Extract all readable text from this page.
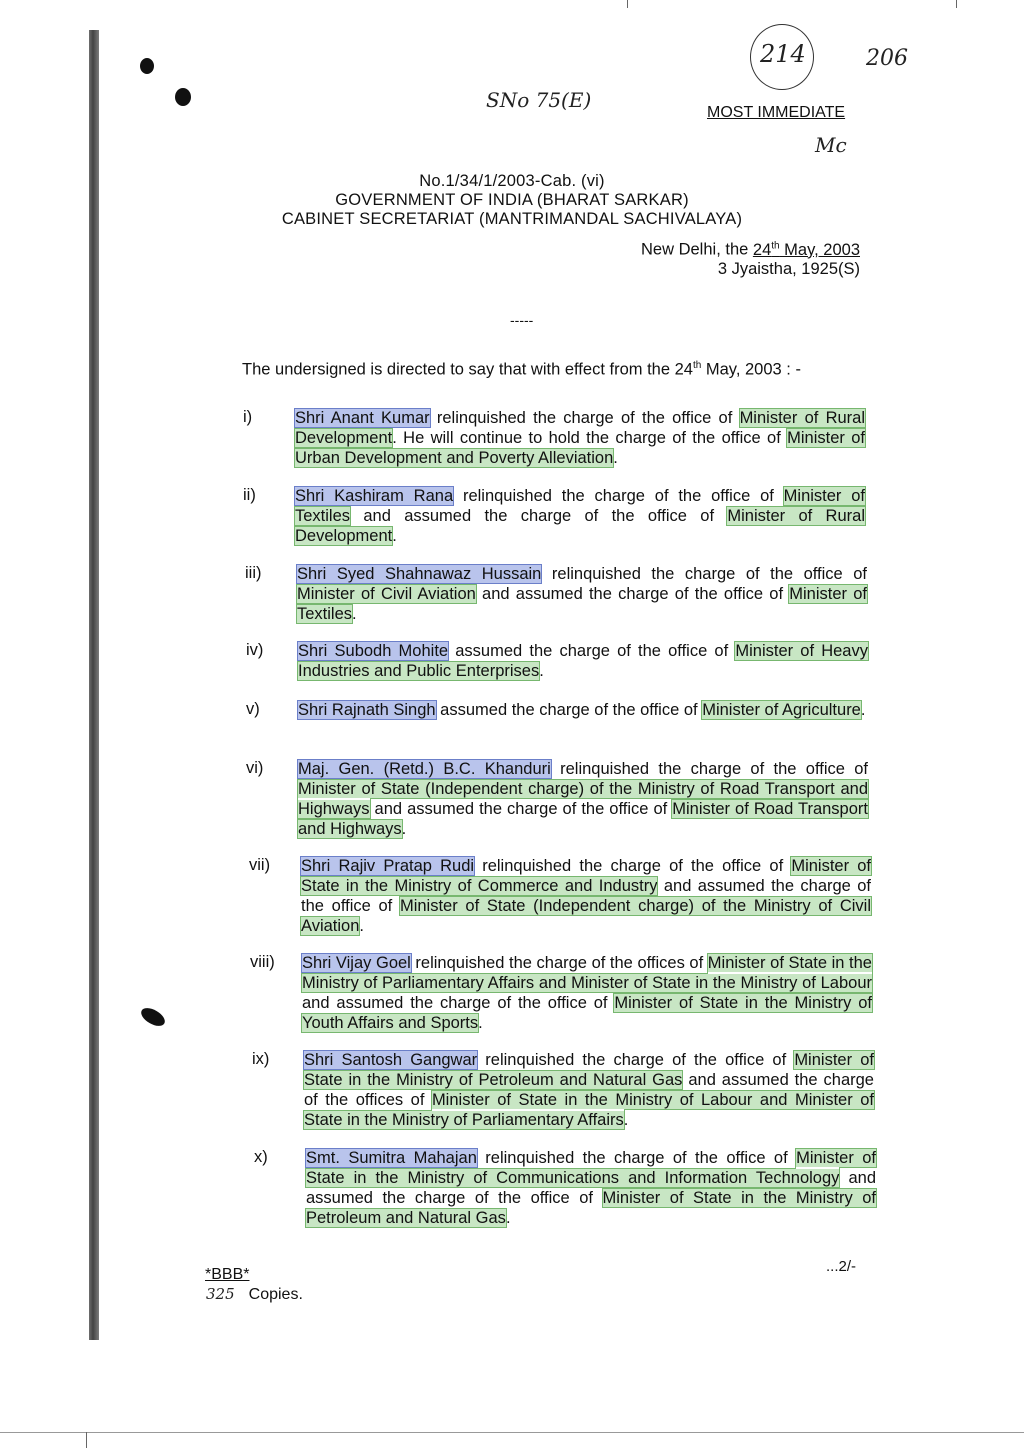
214	206
SNo 75(E)
Mc
MOST IMMEDIATE
No.1/34/1/2003-Cab. (vi)
GOVERNMENT OF INDIA (BHARAT SARKAR)
CABINET SECRETARIAT (MANTRIMANDAL SACHIVALAYA)
New Delhi, the 24th May, 2003
3 Jyaistha, 1925(S)
-----
The undersigned is directed to say that with effect from the 24th May, 2003 : -
i)	Shri Anant Kumar relinquished the charge of the office of Minister of Rural Development. He will continue to hold the charge of the office of Minister of Urban Development and Poverty Alleviation.
ii)	Shri Kashiram Rana relinquished the charge of the office of Minister of Textiles and assumed the charge of the office of Minister of Rural Development.
iii)	Shri Syed Shahnawaz Hussain relinquished the charge of the office of Minister of Civil Aviation and assumed the charge of the office of Minister of Textiles.
iv)	Shri Subodh Mohite assumed the charge of the office of Minister of Heavy Industries and Public Enterprises.
v)	Shri Rajnath Singh assumed the charge of the office of Minister of Agriculture.
vi)	Maj. Gen. (Retd.) B.C. Khanduri relinquished the charge of the office of Minister of State (Independent charge) of the Ministry of Road Transport and Highways and assumed the charge of the office of Minister of Road Transport and Highways.
vii)	Shri Rajiv Pratap Rudi relinquished the charge of the office of Minister of State in the Ministry of Commerce and Industry and assumed the charge of the office of Minister of State (Independent charge) of the Ministry of Civil Aviation.
viii)	Shri Vijay Goel relinquished the charge of the offices of Minister of State in the Ministry of Parliamentary Affairs and Minister of State in the Ministry of Labour and assumed the charge of the office of Minister of State in the Ministry of Youth Affairs and Sports.
ix)	Shri Santosh Gangwar relinquished the charge of the office of Minister of State in the Ministry of Petroleum and Natural Gas and assumed the charge of the offices of Minister of State in the Ministry of Labour and Minister of State in the Ministry of Parliamentary Affairs.
x)	Smt. Sumitra Mahajan relinquished the charge of the office of Minister of State in the Ministry of Communications and Information Technology and assumed the charge of the office of Minister of State in the Ministry of Petroleum and Natural Gas.
*BBB*	...2/-
325 Copies.
